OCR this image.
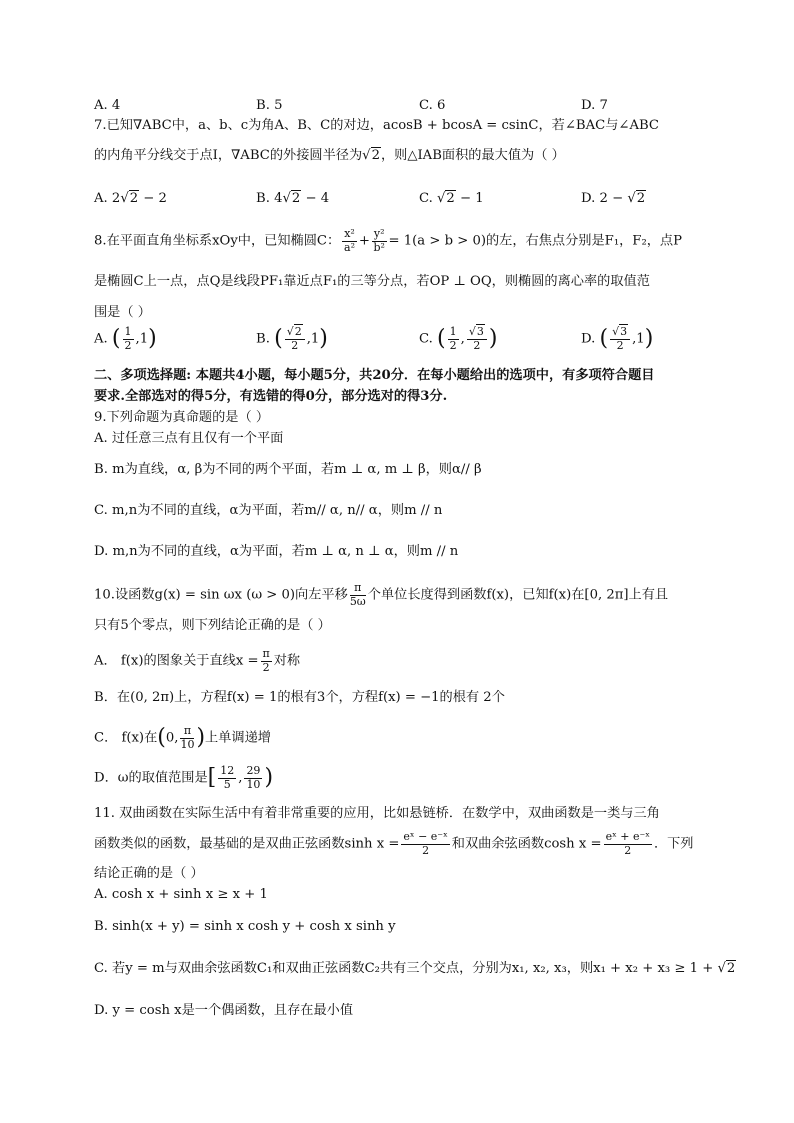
A. 4	B. 5	C. 6	D. 7
7.已知∇ABC中，a、b、c为角A、B、C的对边，acosB + bcosA = csinC，若∠BAC与∠ABC
的内角平分线交于点I，∇ABC的外接圆半径为√2，则△IAB面积的最大值为（ ）
A. 2√2 − 2	B. 4√2 − 4	C. √2 − 1	D. 2 − √2
8.在平面直角坐标系xOy中，已知椭圆C： $\frac{\text{x²}}{\text{a²}} + \frac{\text{y²}}{\text{b²}} = 1(a > b > 0)$的左，右焦点分别是F₁，F₂，点P
是椭圆C上一点，点Q是线段PF₁靠近点F₁的三等分点，若OP ⊥ OQ，则椭圆的离心率的取值范
围是（ ）
A. ( $\frac{1}{2} ,1$)	B. ( $\frac{√2}{2} ,1$)	C. ( $\frac{1}{2}$ , $\frac{√3}{2}$ )	D. ( $\frac{√3}{2} ,1$)
二、多项选择题: 本题共4小题，每小题5分，共20分．在每小题给出的选项中，有多项符合题目
要求.全部选对的得5分，有选错的得0分，部分选对的得3分.
9.下列命题为真命题的是（ ）
A. 过任意三点有且仅有一个平面
B. m为直线，α, β为不同的两个平面，若m ⊥ α, m ⊥ β，则α// β
C. m,n为不同的直线，α为平面，若m// α, n// α，则m // n
D. m,n为不同的直线，α为平面，若m ⊥ α, n ⊥ α，则m // n
10.设函数g(x) = sin ωx (ω > 0)向左平移 $\frac{\pi}{5\omega}$ 个单位长度得到函数f(x)，已知f(x)在[0, 2π]上有且
只有5个零点，则下列结论正确的是（ ）
A． f(x)的图象关于直线$x = \frac{\pi}{2}$ 对称
B．在(0, 2π)上，方程f(x) = 1的根有3个，方程f(x) = −1的根有 2个
C． f(x)在(0, $\frac{\pi}{10}$ )上单调递增
D．ω的取值范围是[ $\frac{12}{5}$ , $\frac{29}{10}$ )
11. 双曲函数在实际生活中有着非常重要的应用，比如悬链桥．在数学中，双曲函数是一类与三角
函数类似的函数，最基础的是双曲正弦函数$\sinh x = \frac{\text{eˣ − e⁻ˣ}}{2}$ 和双曲余弦函数$\cosh x = \frac{\text{eˣ + e⁻ˣ}}{2}$ ．下列
结论正确的是（ ）
A. cosh x + sinh x ≥ x + 1
B. sinh(x + y) = sinh x cosh y + cosh x sinh y
C. 若y = m与双曲余弦函数C₁和双曲正弦函数C₂共有三个交点，分别为x₁, x₂, x₃，则x₁ + x₂ + x₃ ≥ 1 + √2
D. y = cosh x是一个偶函数，且存在最小值
